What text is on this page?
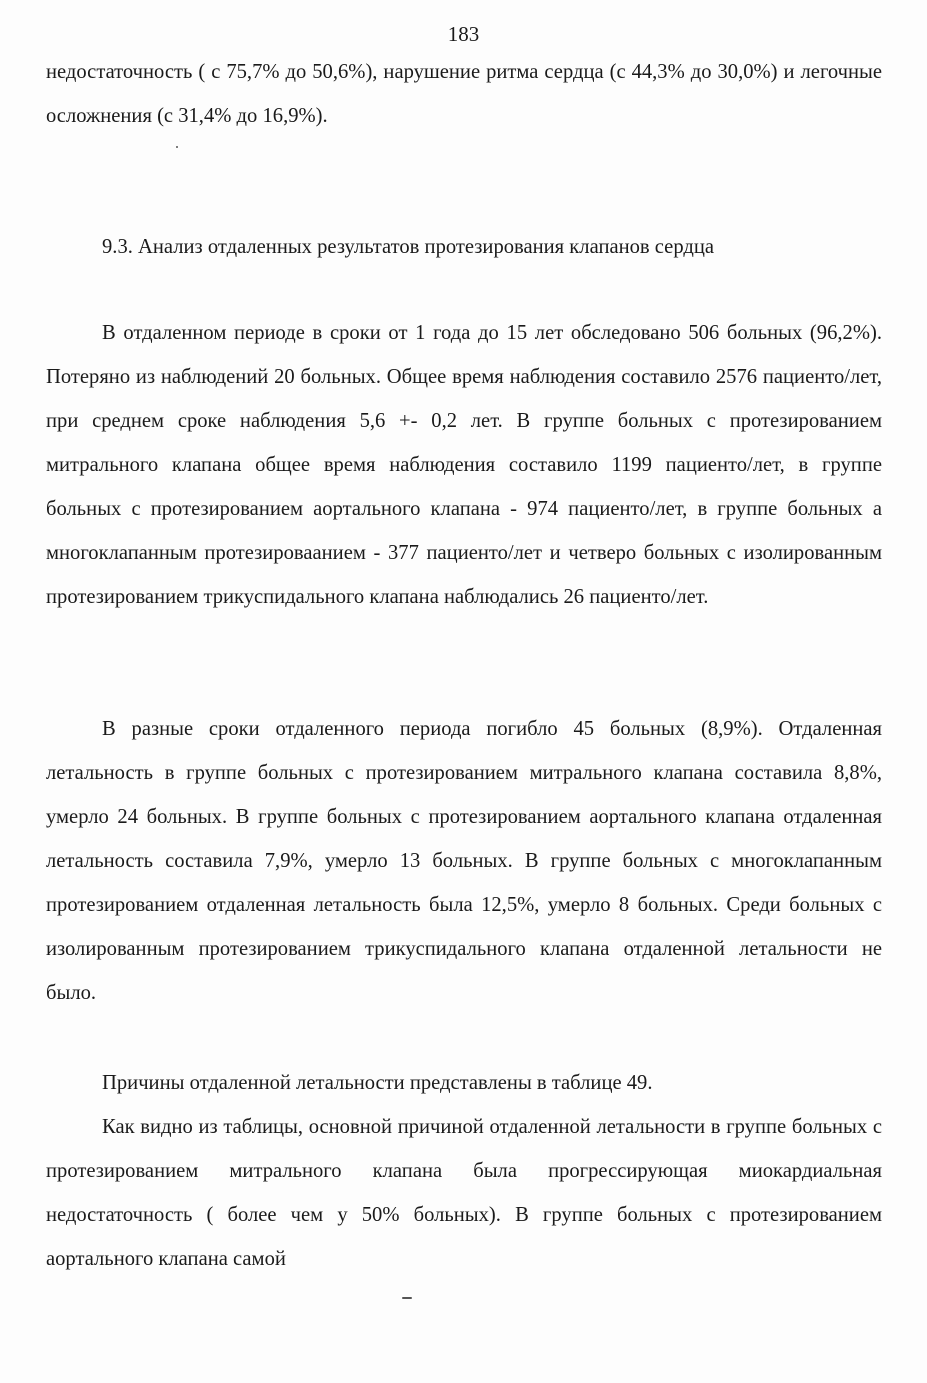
183

недостаточность ( с 75,7% до 50,6%), нарушение ритма сердца (с 44,3% до 30,0%) и легочные осложнения (с 31,4% до 16,9%).

9.3. Анализ отдаленных результатов протезирования клапанов сердца

В отдаленном периоде в сроки от 1 года до 15 лет обследовано 506 больных (96,2%). Потеряно из наблюдений 20 больных. Общее время наблюдения составило 2576 пациенто/лет, при среднем сроке наблюдения 5,6 +- 0,2 лет. В группе больных с протезированием митрального клапана общее время наблюдения составило 1199 пациенто/лет, в группе больных с протезированием аортального клапана - 974 пациенто/лет, в группе больных а многоклапанным протезироваанием - 377 пациенто/лет и четверо больных с изолированным протезированием трикуспидального клапана наблюдались 26 пациенто/лет.

В разные сроки отдаленного периода погибло 45 больных (8,9%). Отдаленная летальность в группе больных с протезированием митрального клапана составила 8,8%, умерло 24 больных. В группе больных с протезированием аортального клапана отдаленная летальность составила 7,9%, умерло 13 больных. В группе больных с многоклапанным протезированием отдаленная летальность была 12,5%, умерло 8 больных. Среди больных с изолированным протезированием трикуспидального клапана отдаленной летальности не было.

Причины отдаленной летальности представлены в таблице 49.

Как видно из таблицы, основной причиной отдаленной летальности в группе больных с протезированием митрального клапана была прогрессирующая миокардиальная недостаточность ( более чем у 50% больных). В группе больных с протезированием аортального клапана самой
